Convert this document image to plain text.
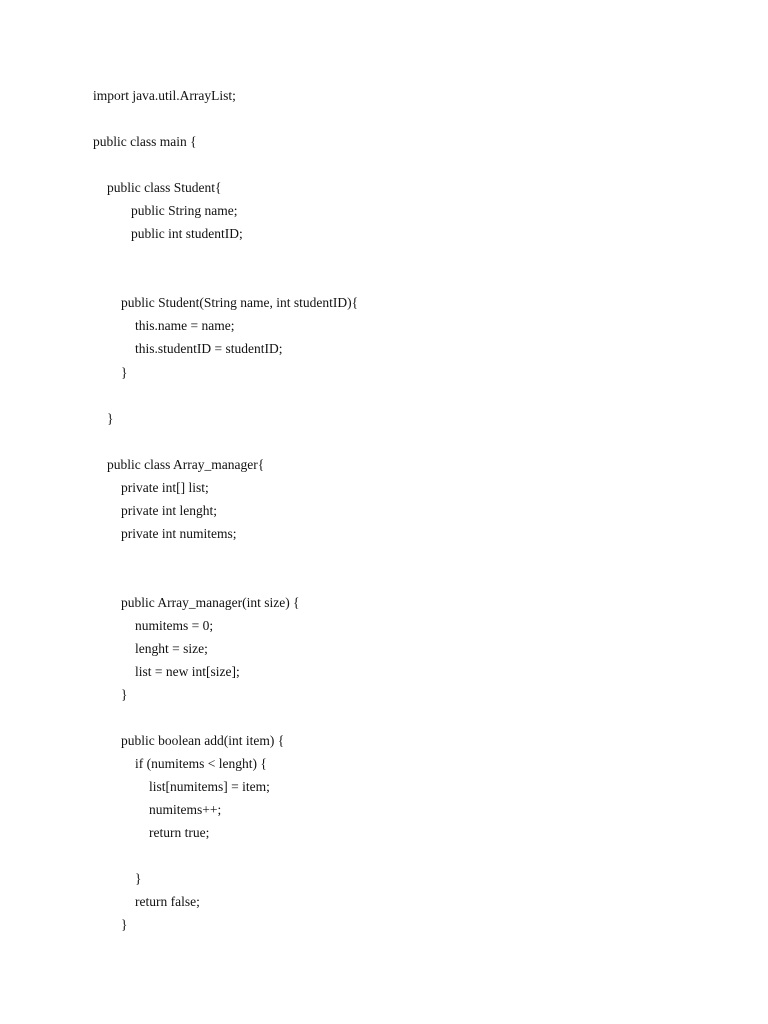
import java.util.ArrayList;
public class main {
public class Student{
public String name;
public int studentID;
public Student(String name, int studentID){
this.name = name;
this.studentID = studentID;
}
}
public class Array_manager{
private int[] list;
private int lenght;
private int numitems;
public Array_manager(int size) {
numitems = 0;
lenght = size;
list = new int[size];
}
public boolean add(int item) {
if (numitems < lenght) {
list[numitems] = item;
numitems++;
return true;
}
return false;
}
